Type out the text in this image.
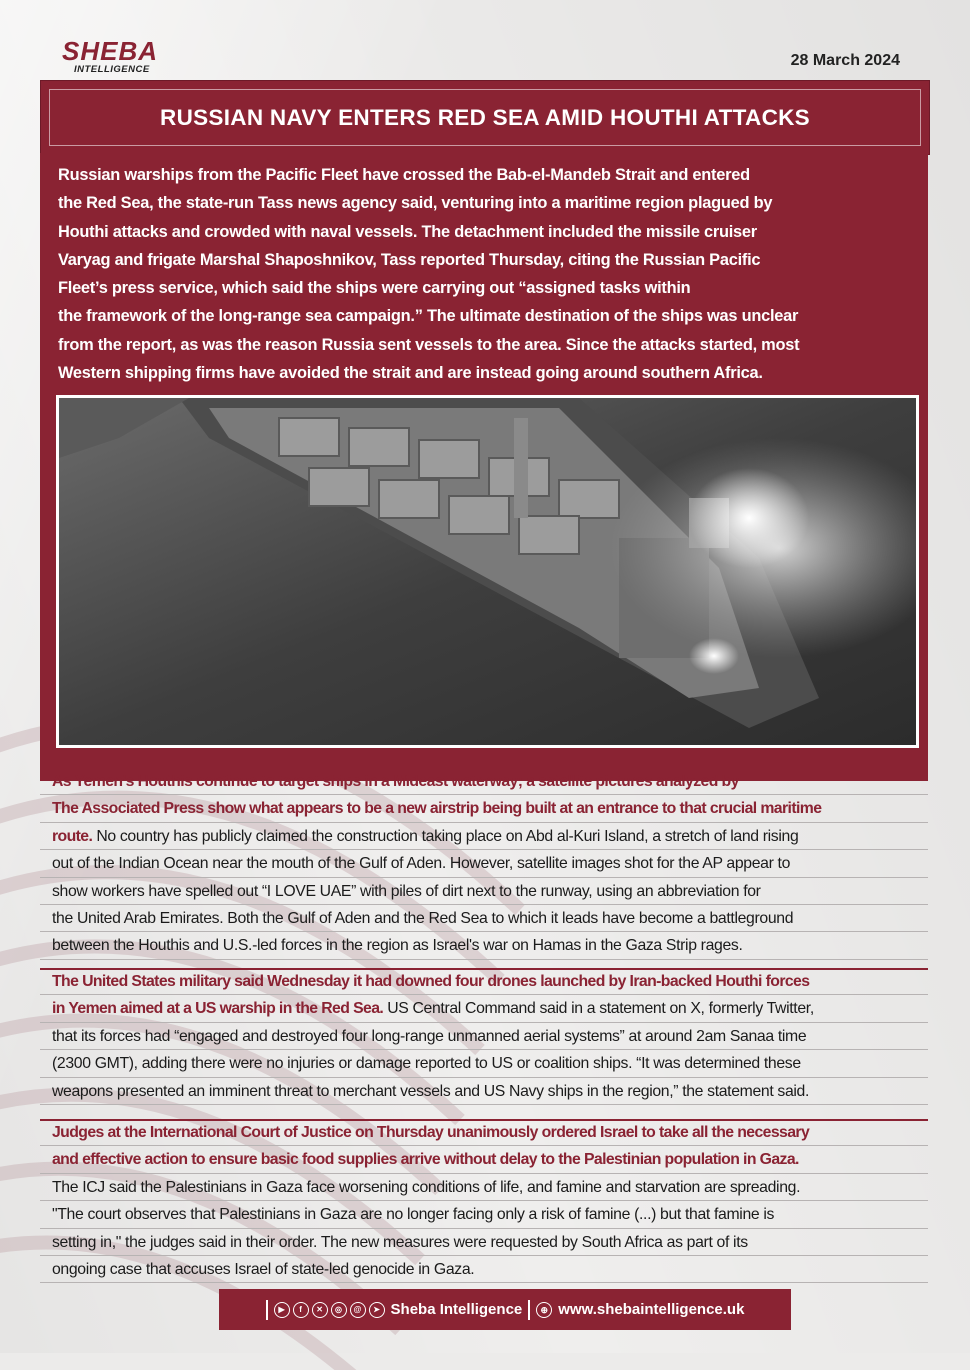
SHEBA
INTELLIGENCE
28 March 2024
RUSSIAN NAVY ENTERS RED SEA AMID HOUTHI ATTACKS
Russian warships from the Pacific Fleet have crossed the Bab-el-Mandeb Strait and entered
the Red Sea, the state-run Tass news agency said, venturing into a maritime region plagued by
Houthi attacks and crowded with naval vessels. The detachment included the missile cruiser
Varyag and frigate Marshal Shaposhnikov, Tass reported Thursday, citing the Russian Pacific
Fleet’s press service, which said the ships were carrying out “assigned tasks within
the framework of the long-range sea campaign.” The ultimate destination of the ships was unclear
from the report, as was the reason Russia sent vessels to the area. Since the attacks started, most
Western shipping firms have avoided the strait and are instead going around southern Africa.
As Yemen’s Houthis continue to target ships in a Mideast waterway; a satellite pictures analyzed by
The Associated Press show what appears to be a new airstrip being built at an entrance to that crucial maritime
route. No country has publicly claimed the construction taking place on Abd al-Kuri Island, a stretch of land rising
out of the Indian Ocean near the mouth of the Gulf of Aden. However, satellite images shot for the AP appear to
show workers have spelled out “I LOVE UAE” with piles of dirt next to the runway, using an abbreviation for
the United Arab Emirates. Both the Gulf of Aden and the Red Sea to which it leads have become a battleground
between the Houthis and U.S.-led forces in the region as Israel's war on Hamas in the Gaza Strip rages.
The United States military said Wednesday it had downed four drones launched by Iran-backed Houthi forces
in Yemen aimed at a US warship in the Red Sea. US Central Command said in a statement on X, formerly Twitter,
that its forces had “engaged and destroyed four long-range unmanned aerial systems” at around 2am Sanaa time
(2300 GMT), adding there were no injuries or damage reported to US or coalition ships. “It was determined these
weapons presented an imminent threat to merchant vessels and US Navy ships in the region,” the statement said.
Judges at the International Court of Justice on Thursday unanimously ordered Israel to take all the necessary
and effective action to ensure basic food supplies arrive without delay to the Palestinian population in Gaza.
The ICJ said the Palestinians in Gaza face worsening conditions of life, and famine and starvation are spreading.
"The court observes that Palestinians in Gaza are no longer facing only a risk of famine (...) but that famine is
setting in," the judges said in their order. The new measures were requested by South Africa as part of its
ongoing case that accuses Israel of state-led genocide in Gaza.
▶	f	✕	◎	@	➤ Sheba Intelligence	⊕ www.shebaintelligence.uk
